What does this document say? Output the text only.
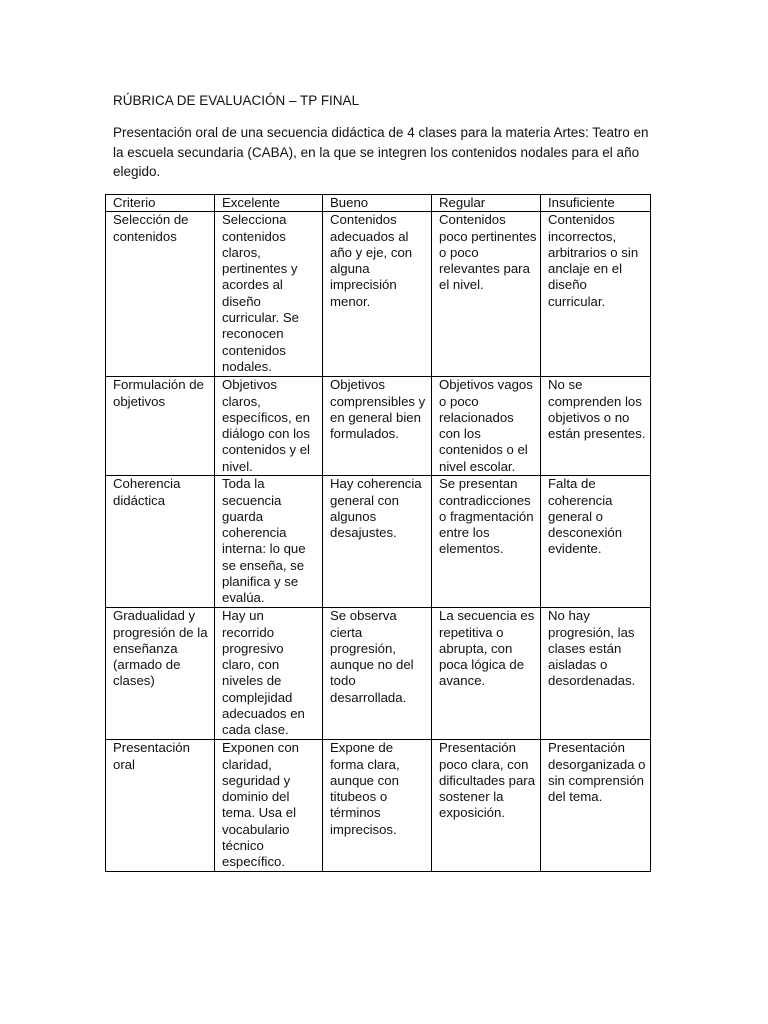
RÚBRICA DE EVALUACIÓN – TP FINAL
Presentación oral de una secuencia didáctica de 4 clases para la materia Artes: Teatro en la escuela secundaria (CABA), en la que se integren los contenidos nodales para el año elegido.
Criterio	Excelente	Bueno	Regular	Insuficiente
Selección de contenidos	Selecciona contenidos claros, pertinentes y acordes al diseño curricular. Se reconocen contenidos nodales.	Contenidos adecuados al año y eje, con alguna imprecisión menor.	Contenidos poco pertinentes o poco relevantes para el nivel.	Contenidos incorrectos, arbitrarios o sin anclaje en el diseño curricular.
Formulación de objetivos	Objetivos claros, específicos, en diálogo con los contenidos y el nivel.	Objetivos comprensibles y en general bien formulados.	Objetivos vagos o poco relacionados con los contenidos o el nivel escolar.	No se comprenden los objetivos o no están presentes.
Coherencia didáctica	Toda la secuencia guarda coherencia interna: lo que se enseña, se planifica y se evalúa.	Hay coherencia general con algunos desajustes.	Se presentan contradicciones o fragmentación entre los elementos.	Falta de coherencia general o desconexión evidente.
Gradualidad y progresión de la enseñanza (armado de clases)	Hay un recorrido progresivo claro, con niveles de complejidad adecuados en cada clase.	Se observa cierta progresión, aunque no del todo desarrollada.	La secuencia es repetitiva o abrupta, con poca lógica de avance.	No hay progresión, las clases están aisladas o desordenadas.
Presentación oral	Exponen con claridad, seguridad y dominio del tema. Usa el vocabulario técnico específico.	Expone de forma clara, aunque con titubeos o términos imprecisos.	Presentación poco clara, con dificultades para sostener la exposición.	Presentación desorganizada o sin comprensión del tema.
